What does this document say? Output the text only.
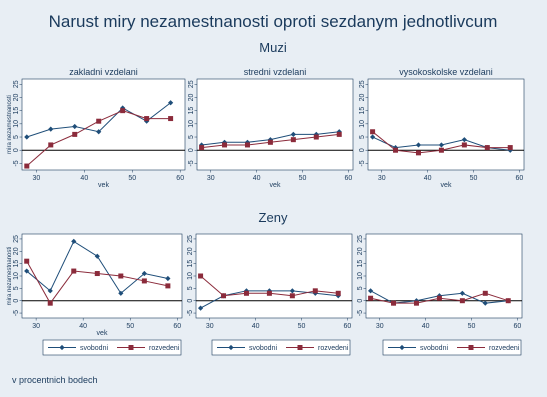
Narust miry nezamestnanosti oproti sezdanym jednotlivcum
Muzi
Zeny
zakladni vzdelani
-5
0
5
10
15
20
25
30	40	50	60
vek
mira nezamestnanosti
stredni vzdelani
-5
0
5
10
15
20
25
30	40	50	60
vek
vysokoskolske vzdelani
-5
0
5
10
15
20
25
30	40	50	60
vek
-5
0
5
10
15
20
25
30	40	50	60
vek
mira nezamestnanosti
-5
0
5
10
15
20
25
30	40	50	60
-5
0
5
10
15
20
25
30	40	50	60
svobodni	rozvedeni	svobodni	rozvedeni	svobodni	rozvedeni
v procentnich bodech
